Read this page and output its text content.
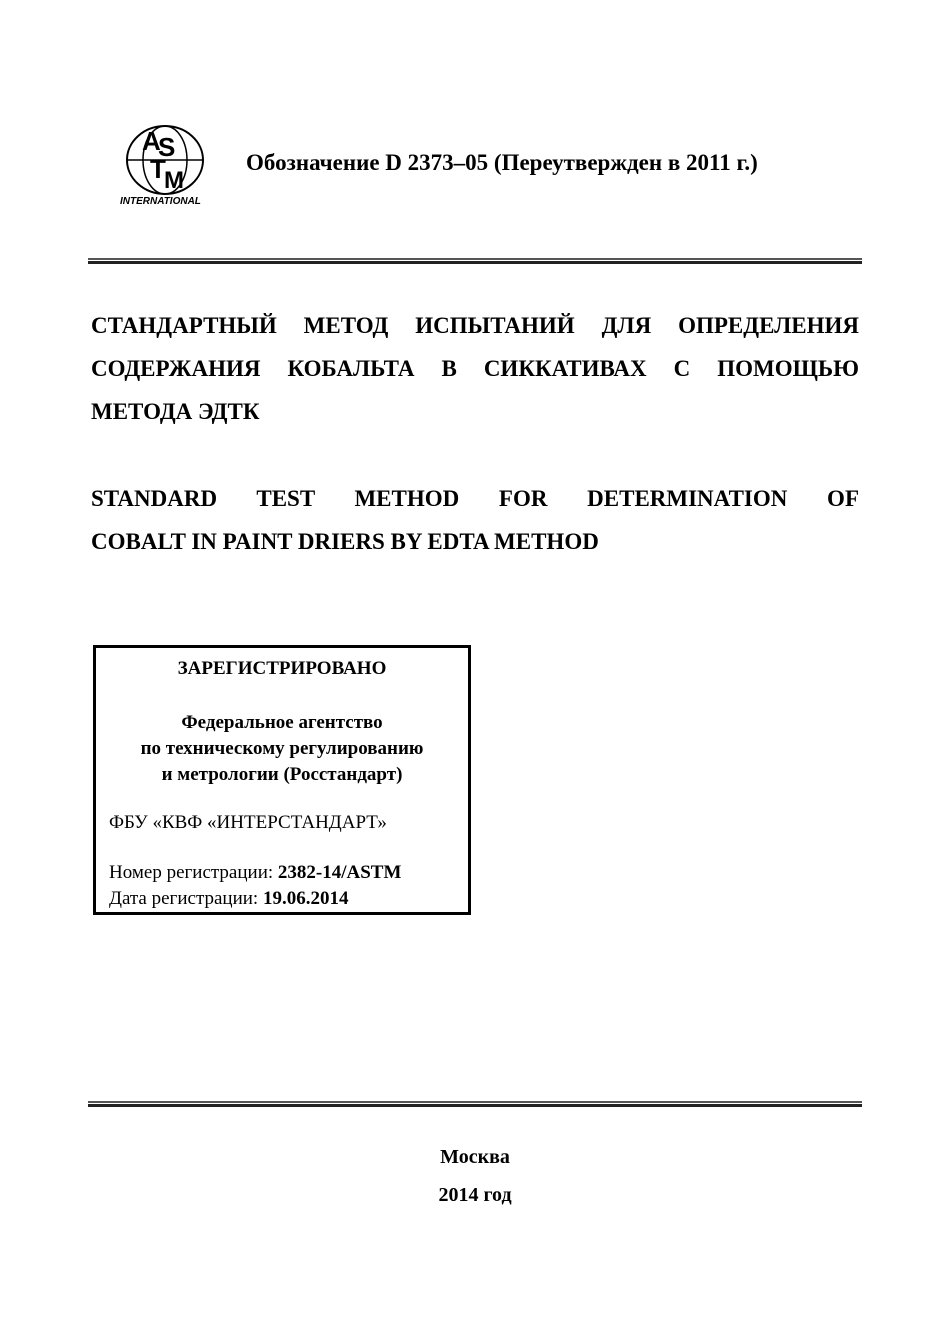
A
S
T
M
INTERNATIONAL
Обозначение D 2373–05 (Переутвержден в 2011 г.)
СТАНДАРТНЫЙ МЕТОД ИСПЫТАНИЙ ДЛЯ ОПРЕДЕЛЕНИЯ
СОДЕРЖАНИЯ КОБАЛЬТА В СИККАТИВАХ С ПОМОЩЬЮ
МЕТОДА ЭДТК
STANDARD TEST METHOD FOR DETERMINATION OF
COBALT IN PAINT DRIERS BY EDTA METHOD
ЗАРЕГИСТРИРОВАНО
Федеральное агентство
по техническому регулированию
и метрологии (Росстандарт)
ФБУ «КВФ «ИНТЕРСТАНДАРТ»
Номер регистрации: 2382-14/ASTM
Дата регистрации: 19.06.2014
Москва
2014 год
